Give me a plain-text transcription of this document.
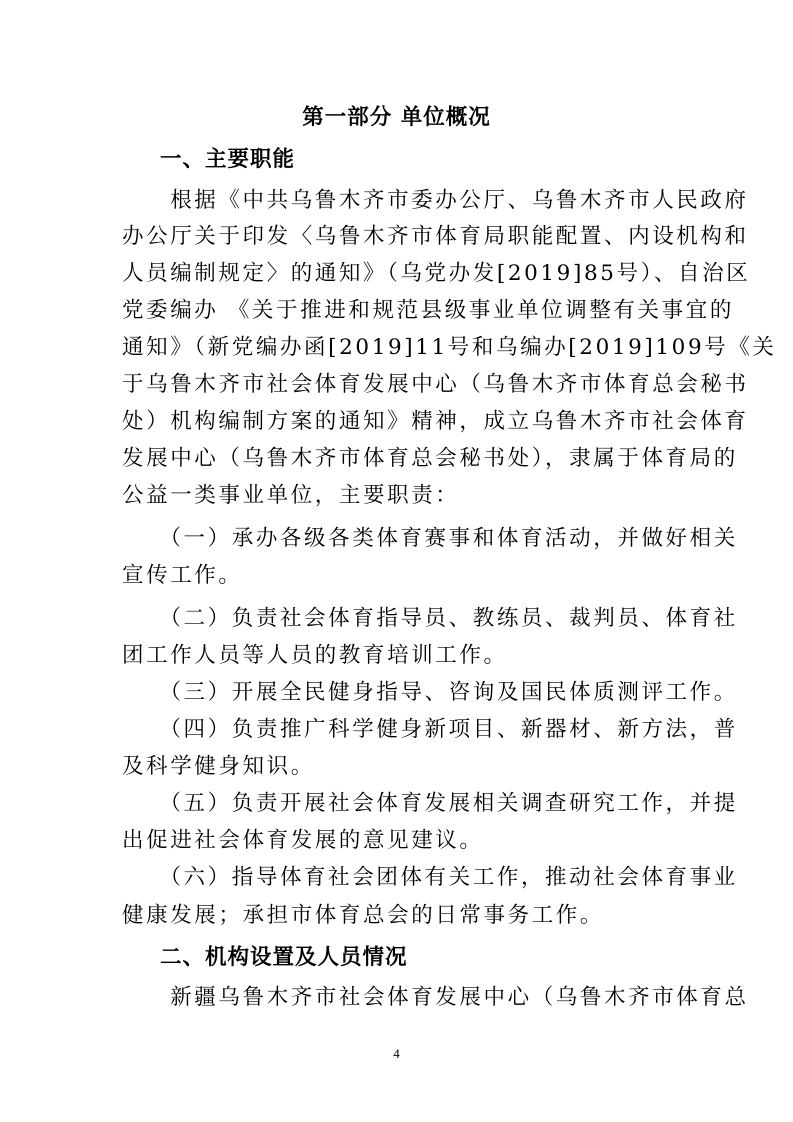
第一部分 单位概况
一、主要职能
　　根据《中共乌鲁木齐市委办公厅、乌鲁木齐市人民政府
办公厅关于印发〈乌鲁木齐市体育局职能配置、内设机构和
人员编制规定〉的通知》（乌党办发[2019]85号）、自治区
党委编办 《关于推进和规范县级事业单位调整有关事宜的
通知》（新党编办函[2019]11号和乌编办[2019]109号《关
于乌鲁木齐市社会体育发展中心（乌鲁木齐市体育总会秘书
处）机构编制方案的通知》精神，成立乌鲁木齐市社会体育
发展中心（乌鲁木齐市体育总会秘书处），隶属于体育局的
公益一类事业单位，主要职责：
　　（一）承办各级各类体育赛事和体育活动，并做好相关
宣传工作。
　　（二）负责社会体育指导员、教练员、裁判员、体育社
团工作人员等人员的教育培训工作。
　　（三）开展全民健身指导、咨询及国民体质测评工作。
　　（四）负责推广科学健身新项目、新器材、新方法，普
及科学健身知识。
　　（五）负责开展社会体育发展相关调查研究工作，并提
出促进社会体育发展的意见建议。
　　（六）指导体育社会团体有关工作，推动社会体育事业
健康发展；承担市体育总会的日常事务工作。
二、机构设置及人员情况
　　新疆乌鲁木齐市社会体育发展中心（乌鲁木齐市体育总
4
